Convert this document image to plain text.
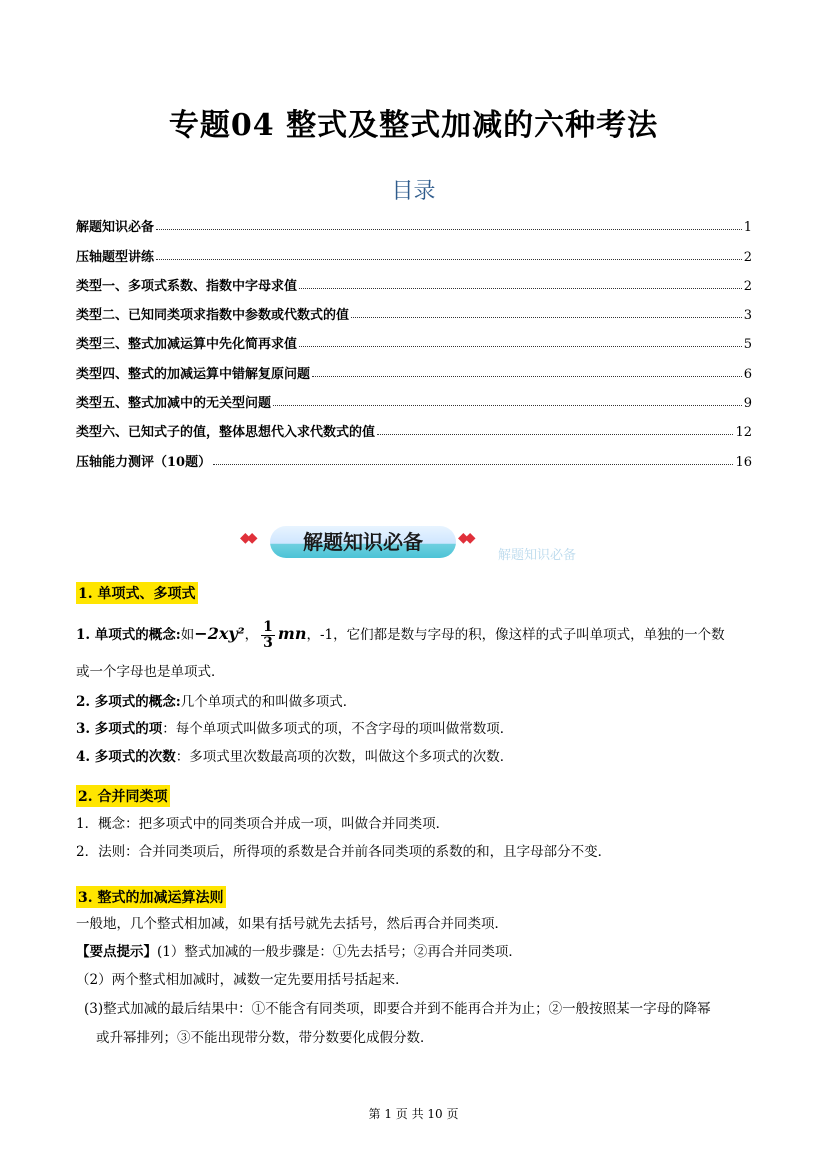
专题04 整式及整式加减的六种考法
目录
解题知识必备	1
压轴题型讲练	2
类型一、多项式系数、指数中字母求值	2
类型二、已知同类项求指数中参数或代数式的值	3
类型三、整式加减运算中先化简再求值	5
类型四、整式的加减运算中错解复原问题	6
类型五、整式加减中的无关型问题	9
类型六、已知式子的值，整体思想代入求代数式的值	12
压轴能力测评（10题）	16
◆◆	解题知识必备	◆◆
解题知识必备
1. 单项式、多项式
1. 单项式的概念:如−2xy²， $\frac{1}{3}$ mn，-1，它们都是数与字母的积，像这样的式子叫单项式，单独的一个数
或一个字母也是单项式．
2. 多项式的概念:几个单项式的和叫做多项式．
3. 多项式的项：每个单项式叫做多项式的项，不含字母的项叫做常数项．
4. 多项式的次数：多项式里次数最高项的次数，叫做这个多项式的次数．
2. 合并同类项
1．概念：把多项式中的同类项合并成一项，叫做合并同类项．
2．法则：合并同类项后，所得项的系数是合并前各同类项的系数的和，且字母部分不变．
3. 整式的加减运算法则
一般地，几个整式相加减，如果有括号就先去括号，然后再合并同类项．
【要点提示】(1）整式加减的一般步骤是：①先去括号；②再合并同类项．
（2）两个整式相加减时，减数一定先要用括号括起来．
(3)整式加减的最后结果中：①不能含有同类项，即要合并到不能再合并为止；②一般按照某一字母的降幂
或升幂排列；③不能出现带分数，带分数要化成假分数．
第 1 页 共 10 页
